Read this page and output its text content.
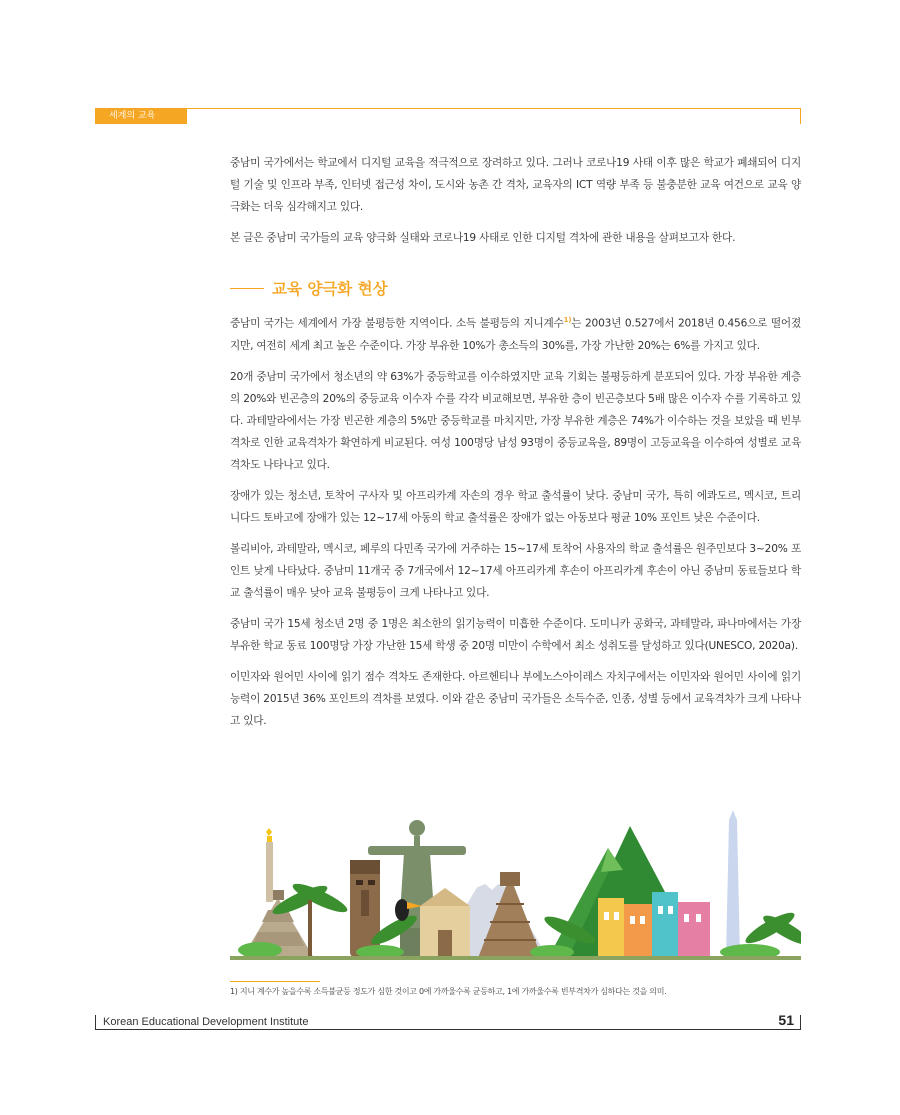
세계의 교육

중남미 국가에서는 학교에서 디지털 교육을 적극적으로 장려하고 있다. 그러나 코로나19 사태 이후 많은 학교가 폐쇄되어 디지털 기술 및 인프라 부족, 인터넷 접근성 차이, 도시와 농촌 간 격차, 교육자의 ICT 역량 부족 등 불충분한 교육 여건으로 교육 양극화는 더욱 심각해지고 있다.

본 글은 중남미 국가들의 교육 양극화 실태와 코로나19 사태로 인한 디지털 격차에 관한 내용을 살펴보고자 한다.

교육 양극화 현상

중남미 국가는 세계에서 가장 불평등한 지역이다. 소득 불평등의 지니계수$^{1)}$는 2003년 0.527에서 2018년 0.456으로 떨어졌지만, 여전히 세계 최고 높은 수준이다. 가장 부유한 10%가 총소득의 30%를, 가장 가난한 20%는 6%를 가지고 있다.

20개 중남미 국가에서 청소년의 약 63%가 중등학교를 이수하였지만 교육 기회는 불평등하게 분포되어 있다. 가장 부유한 계층의 20%와 빈곤층의 20%의 중등교육 이수자 수를 각각 비교해보면, 부유한 층이 빈곤층보다 5배 많은 이수자 수를 기록하고 있다. 과테말라에서는 가장 빈곤한 계층의 5%만 중등학교를 마치지만, 가장 부유한 계층은 74%가 이수하는 것을 보았을 때 빈부격차로 인한 교육격차가 확연하게 비교된다. 여성 100명당 남성 93명이 중등교육을, 89명이 고등교육을 이수하여 성별로 교육격차도 나타나고 있다.

장애가 있는 청소년, 토착어 구사자 및 아프리카계 자손의 경우 학교 출석률이 낮다. 중남미 국가, 특히 에콰도르, 멕시코, 트리니다드 토바고에 장애가 있는 12~17세 아동의 학교 출석률은 장애가 없는 아동보다 평균 10% 포인트 낮은 수준이다.

볼리비아, 과테말라, 멕시코, 페루의 다민족 국가에 거주하는 15~17세 토착어 사용자의 학교 출석률은 원주민보다 3~20% 포인트 낮게 나타났다. 중남미 11개국 중 7개국에서 12~17세 아프리카계 후손이 아프리카계 후손이 아닌 중남미 동료들보다 학교 출석률이 매우 낮아 교육 불평등이 크게 나타나고 있다.

중남미 국가 15세 청소년 2명 중 1명은 최소한의 읽기능력이 미흡한 수준이다. 도미니카 공화국, 과테말라, 파나마에서는 가장 부유한 학교 동료 100명당 가장 가난한 15세 학생 중 20명 미만이 수학에서 최소 성취도를 달성하고 있다(UNESCO, 2020a).

이민자와 원어민 사이에 읽기 점수 격차도 존재한다. 아르헨티나 부에노스아이레스 자치구에서는 이민자와 원어민 사이에 읽기능력이 2015년 36% 포인트의 격차를 보였다. 이와 같은 중남미 국가들은 소득수준, 인종, 성별 등에서 교육격차가 크게 나타나고 있다.

1) 지니 계수가 높을수록 소득불균등 정도가 심한 것이고 0에 가까울수록 균등하고, 1에 가까울수록 빈부격차가 심하다는 것을 의미.
Korean Educational Development Institute	51
